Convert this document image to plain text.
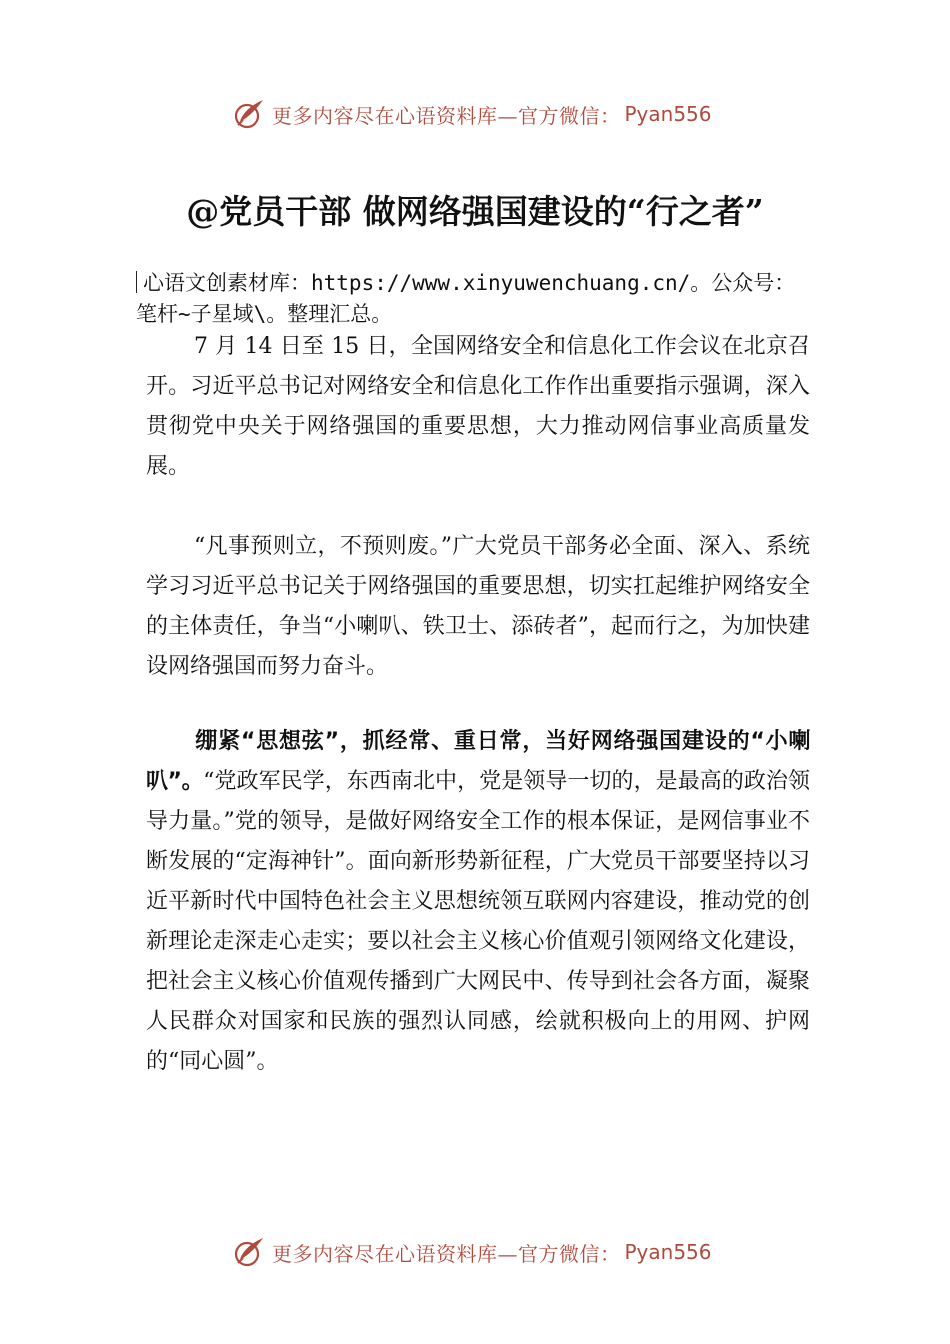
更多内容尽在心语资料库—官方微信： Pyan556
@党员干部 做网络强国建设的“行之者”

心语文创素材库：https://www.xinyuwenchuang.cn/。公众号：笔杆~子星域\。整理汇总。

7 月 14 日至 15 日，全国网络安全和信息化工作会议在北京召开。习近平总书记对网络安全和信息化工作作出重要指示强调，深入贯彻党中央关于网络强国的重要思想，大力推动网信事业高质量发展。

“凡事预则立，不预则废。”广大党员干部务必全面、深入、系统学习习近平总书记关于网络强国的重要思想，切实扛起维护网络安全的主体责任，争当“小喇叭、铁卫士、添砖者”，起而行之，为加快建设网络强国而努力奋斗。

绷紧“思想弦”，抓经常、重日常，当好网络强国建设的“小喇叭”。“党政军民学，东西南北中，党是领导一切的，是最高的政治领导力量。”党的领导，是做好网络安全工作的根本保证，是网信事业不断发展的“定海神针”。面向新形势新征程，广大党员干部要坚持以习近平新时代中国特色社会主义思想统领互联网内容建设，推动党的创新理论走深走心走实；要以社会主义核心价值观引领网络文化建设，把社会主义核心价值观传播到广大网民中、传导到社会各方面，凝聚人民群众对国家和民族的强烈认同感，绘就积极向上的用网、护网的“同心圆”。

更多内容尽在心语资料库—官方微信： Pyan556
